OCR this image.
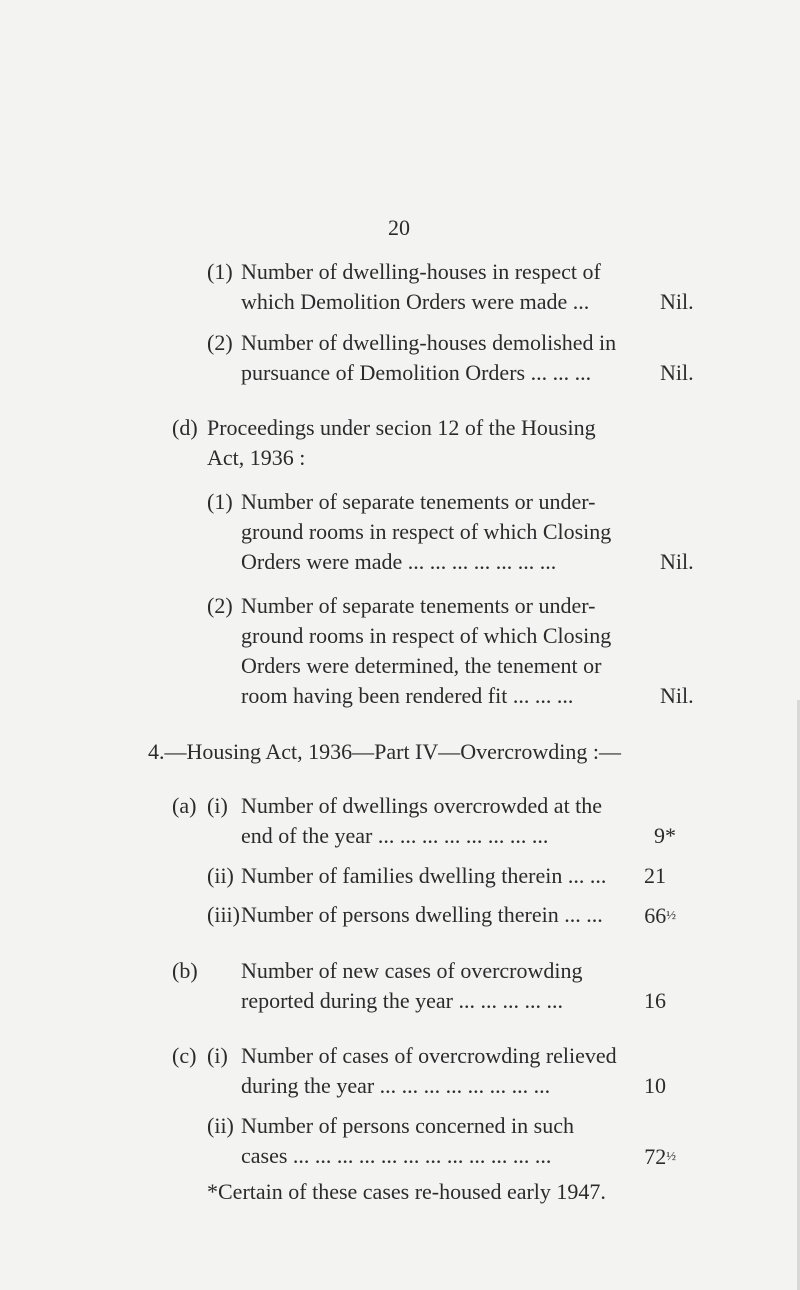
20
(1) Number of dwelling-houses in respect of
which Demolition Orders were made ...	Nil.
(2) Number of dwelling-houses demolished in
pursuance of Demolition Orders ... ... ...	Nil.
(d) Proceedings under secion 12 of the Housing
Act, 1936 :
(1) Number of separate tenements or under-
ground rooms in respect of which Closing
Orders were made ... ... ... ... ... ... ...	Nil.
(2) Number of separate tenements or under-
ground rooms in respect of which Closing
Orders were determined, the tenement or
room having been rendered fit ... ... ...	Nil.
4.—Housing Act, 1936—Part IV—Overcrowding :—
(a) (i) Number of dwellings overcrowded at the
end of the year ... ... ... ... ... ... ... ...	9*
(ii) Number of families dwelling therein ... ...	21
(iii) Number of persons dwelling therein ... ...	66½
(b) Number of new cases of overcrowding
reported during the year ... ... ... ... ...	16
(c) (i) Number of cases of overcrowding relieved
during the year ... ... ... ... ... ... ... ...	10
(ii) Number of persons concerned in such
cases ... ... ... ... ... ... ... ... ... ... ... ...	72½
*Certain of these cases re-housed early 1947.
